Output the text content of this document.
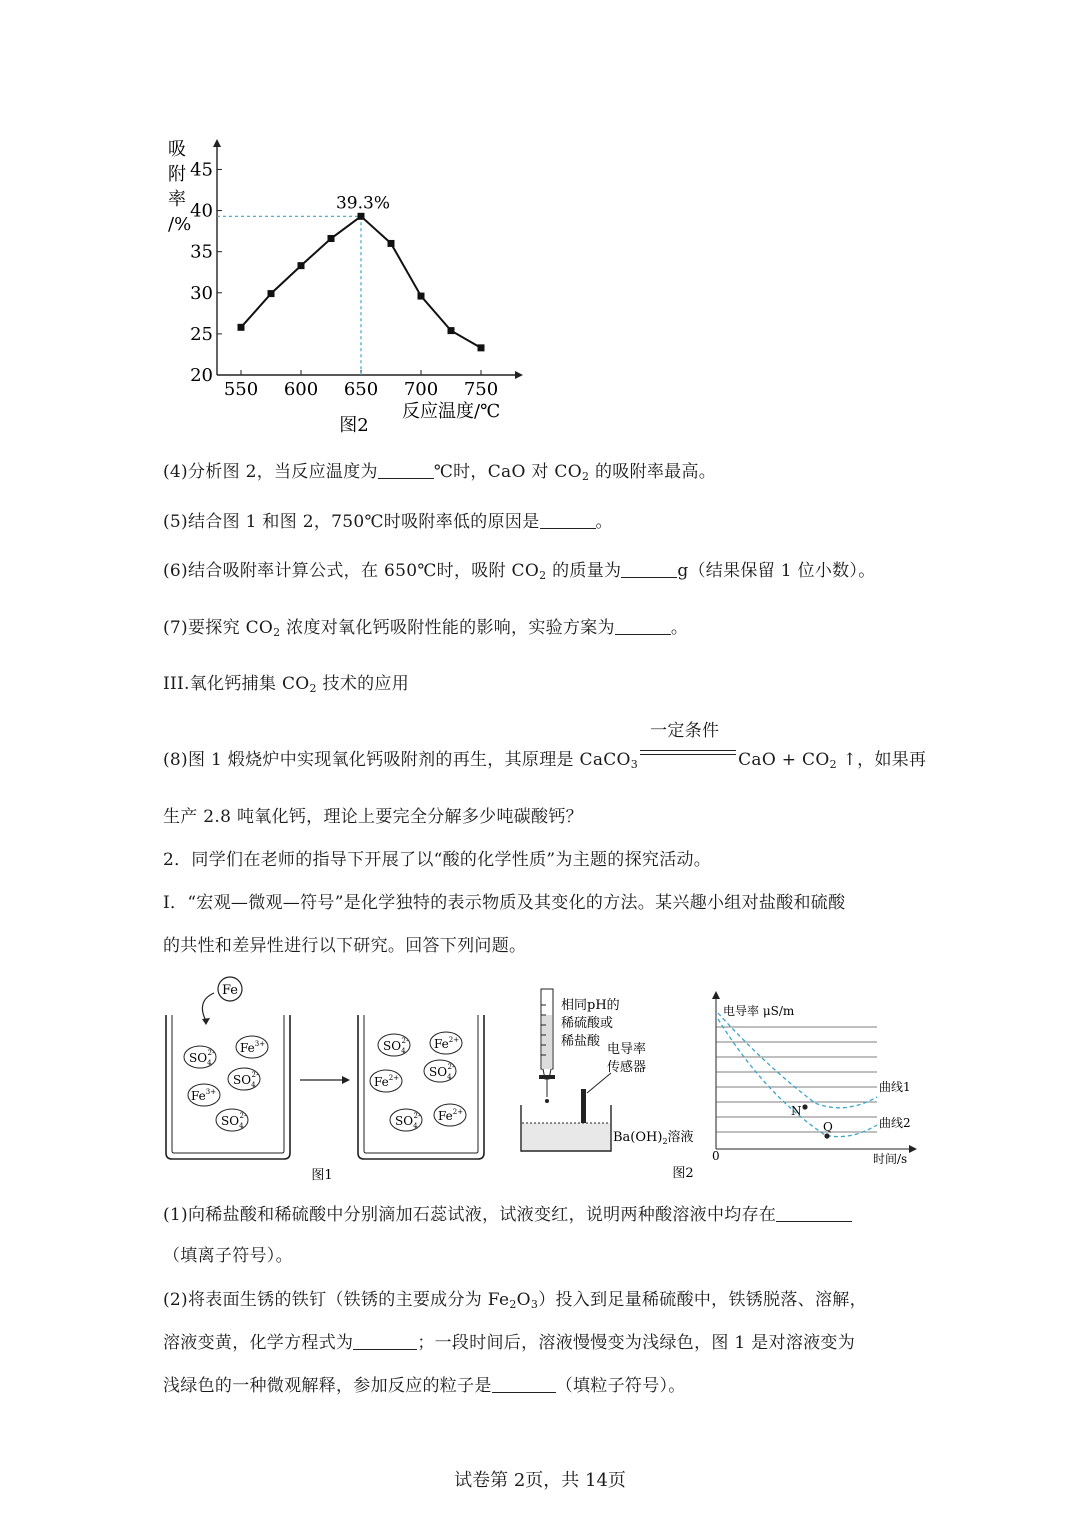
20
25
30
35
40
45
550 600 650 700 750
吸
附
率
/%
反应温度/℃
图2
39.3%
(4)分析图 2，当反应温度为	℃时，CaO 对 $CO_2$ 的吸附率最高。
(5)结合图 1 和图 2，750℃时吸附率低的原因是	。
(6)结合吸附率计算公式，在 650℃时，吸附 $CO_2$ 的质量为	g（结果保留 1 位小数）。
(7)要探究 $CO_2$ 浓度对氧化钙吸附性能的影响，实验方案为	。
III.氧化钙捕集 $CO_2$ 技术的应用
(8)图 1 煅烧炉中实现氧化钙吸附剂的再生，其原理是 CaCO$_3$
一定条件
CaO + $CO_2$ ↑，如果再
生产 2.8 吨氧化钙，理论上要完全分解多少吨碳酸钙？
2．同学们在老师的指导下开展了以“酸的化学性质”为主题的探究活动。
I．“宏观—微观—符号”是化学独特的表示物质及其变化的方法。某兴趣小组对盐酸和硫酸
的共性和差异性进行以下研究。回答下列问题。
Fe
$SO_42-$ $Fe^{3+}$
$SO_42-$
$Fe^{3+}$
$SO_42-$
$SO_42-$ $Fe^{2+}$
$Fe^{2+}$ $SO_42-$
$SO_42-$ $Fe^{2+}$
图1
相同pH的
稀硫酸或
稀盐酸
电导率
传感器
$Ba(OH)_2$溶液
图2
N
Q
电导率 μS/m
曲线1
曲线2
0	时间/s
(1)向稀盐酸和稀硫酸中分别滴加石蕊试液，试液变红，说明两种酸溶液中均存在
（填离子符号）。
(2)将表面生锈的铁钉（铁锈的主要成分为 $Fe_2O_3$）投入到足量稀硫酸中，铁锈脱落、溶解，
溶液变黄，化学方程式为	；一段时间后，溶液慢慢变为浅绿色，图 1 是对溶液变为
浅绿色的一种微观解释，参加反应的粒子是	（填粒子符号）。
试卷第 2页，共 14页
